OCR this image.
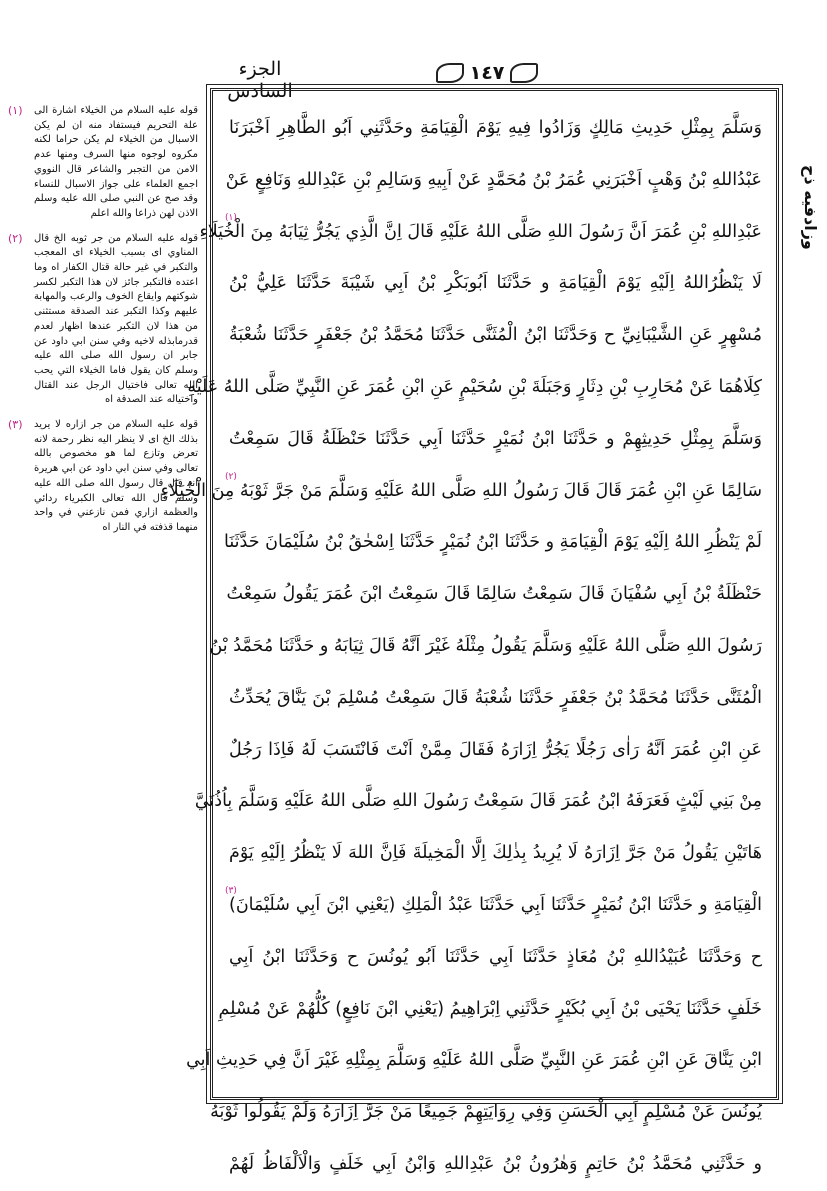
الجزء السادس
١٤٧
وزادفيه ذح
(١)	قوله عليه السلام من الخيلاء اشارة الى علة التحريم فيستفاد منه ان لم يكن الاسبال من الخيلاء لم يكن حراما لكنه مكروه لوجوه منها السرف ومنها عدم الامن من التجبر والشاعر قال النووي اجمع العلماء على جواز الاسبال للنساء وقد صح عن النبي صلى الله عليه وسلم الاذن لهن ذراعا والله اعلم
(٢)	قوله عليه السلام من جر ثوبه الخ قال المناوي اى بسبب الخيلاء اى المعجب والتكبر في غير حالة قتال الكفار اه وما اعتده فالتكبر جائز لان هذا التكبر لكسر شوكتهم وايقاع الخوف والرعب والمهابة عليهم وكذا التكبر عند الصدقة مستثنى من هذا لان التكبر عندها اظهار لعدم قدرمابذله لاخيه وفي سنن ابي داود عن جابر ان رسول الله صلى الله عليه وسلم كان يقول فاما الخيلاء التي يحب الله تعالى فاختيال الرجل عند القتال واختياله عند الصدقة اه
(٣)	قوله عليه السلام من جر ازاره لا يريد بذلك الخ اى لا ينظر اليه نظر رحمة لانه تعرض وتازع لما هو مخصوص بالله تعالى وفي سنن ابي داود عن ابي هريرة انه قال قال رسول الله صلى الله عليه وسلم قال الله تعالى الكبرياء ردائي والعظمة ازاري فمن نازعني في واحد منهما قذفته في النار اه
وَسَلَّمَ بِمِثْلِ حَدِيثِ مَالِكٍ وَزَادُوا فِيهِ يَوْمَ الْقِيَامَةِ وحَدَّثَنِي اَبُو الطَّاهِرِ اَخْبَرَنَا
عَبْدُاللهِ بْنُ وَهْبٍ اَخْبَرَنِي عُمَرُ بْنُ مُحَمَّدٍ عَنْ اَبِيهِ وَسَالِمِ بْنِ عَبْدِاللهِ وَنَافِعٍ عَنْ
عَبْدِاللهِ بْنِ عُمَرَ اَنَّ رَسُولَ اللهِ صَلَّى اللهُ عَلَيْهِ قَالَ اِنَّ الَّذِي يَجُرُّ ثِيَابَهُ مِنَ الْخُيَلَاءِ
(١)
لَا يَنْظُرُاللهُ اِلَيْهِ يَوْمَ الْقِيَامَةِ و حَدَّثَنَا اَبُوبَكْرِ بْنُ اَبِي شَيْبَةَ حَدَّثَنَا عَلِيُّ بْنُ
مُسْهِرٍ عَنِ الشَّيْبَانِيِّ ح وَحَدَّثَنَا ابْنُ الْمُثَنَّى حَدَّثَنَا مُحَمَّدُ بْنُ جَعْفَرٍ حَدَّثَنَا شُعْبَةُ
كِلَاهُمَا عَنْ مُحَارِبِ بْنِ دِثَارٍ وَجَبَلَةَ بْنِ سُحَيْمٍ عَنِ ابْنِ عُمَرَ عَنِ النَّبِيِّ صَلَّى اللهُ عَلَيْهِ
وَسَلَّمَ بِمِثْلِ حَدِيثِهِمْ و حَدَّثَنَا ابْنُ نُمَيْرٍ حَدَّثَنَا اَبِي حَدَّثَنَا حَنْظَلَةُ قَالَ سَمِعْتُ
سَالِمًا عَنِ ابْنِ عُمَرَ قَالَ قَالَ رَسُولُ اللهِ صَلَّى اللهُ عَلَيْهِ وَسَلَّمَ مَنْ جَرَّ ثَوْبَهُ مِنَ الْخُيَلَاءِ
(٢)
لَمْ يَنْظُرِ اللهُ اِلَيْهِ يَوْمَ الْقِيَامَةِ و حَدَّثَنَا ابْنُ نُمَيْرٍ حَدَّثَنَا اِسْحٰقُ بْنُ سُلَيْمَانَ حَدَّثَنَا
حَنْظَلَةُ بْنُ اَبِي سُفْيَانَ قَالَ سَمِعْتُ سَالِمًا قَالَ سَمِعْتُ ابْنَ عُمَرَ يَقُولُ سَمِعْتُ
رَسُولَ اللهِ صَلَّى اللهُ عَلَيْهِ وَسَلَّمَ يَقُولُ مِثْلَهُ غَيْرَ اَنَّهُ قَالَ ثِيَابَهُ و حَدَّثَنَا مُحَمَّدُ بْنُ
الْمُثَنَّى حَدَّثَنَا مُحَمَّدُ بْنُ جَعْفَرٍ حَدَّثَنَا شُعْبَةُ قَالَ سَمِعْتُ مُسْلِمَ بْنَ يَنَّاقَ يُحَدِّثُ
عَنِ ابْنِ عُمَرَ اَنَّهُ رَاٰى رَجُلًا يَجُرُّ اِزَارَهُ فَقَالَ مِمَّنْ اَنْتَ فَانْتَسَبَ لَهُ فَاِذَا رَجُلٌ
مِنْ بَنِي لَيْثٍ فَعَرَفَهُ ابْنُ عُمَرَ قَالَ سَمِعْتُ رَسُولَ اللهِ صَلَّى اللهُ عَلَيْهِ وَسَلَّمَ بِاُذُنَيَّ
هَاتَيْنِ يَقُولُ مَنْ جَرَّ اِزَارَهُ لَا يُرِيدُ بِذٰلِكَ اِلَّا الْمَخِيلَةَ فَاِنَّ اللهَ لَا يَنْظُرُ اِلَيْهِ يَوْمَ
الْقِيَامَةِ و حَدَّثَنَا ابْنُ نُمَيْرٍ حَدَّثَنَا اَبِي حَدَّثَنَا عَبْدُ الْمَلِكِ (يَعْنِي ابْنَ اَبِي سُلَيْمَانَ)
(٣)
ح وَحَدَّثَنَا عُبَيْدُاللهِ بْنُ مُعَاذٍ حَدَّثَنَا اَبِي حَدَّثَنَا اَبُو يُونُسَ ح وَحَدَّثَنَا ابْنُ اَبِي
خَلَفٍ حَدَّثَنَا يَحْيَى بْنُ اَبِي بُكَيْرٍ حَدَّثَنِي اِبْرَاهِيمُ (يَعْنِي ابْنَ نَافِعٍ) كُلُّهُمْ عَنْ مُسْلِمِ
ابْنِ يَنَّاقَ عَنِ ابْنِ عُمَرَ عَنِ النَّبِيِّ صَلَّى اللهُ عَلَيْهِ وَسَلَّمَ بِمِثْلِهِ غَيْرَ اَنَّ فِي حَدِيثِ اَبِي
يُونُسَ عَنْ مُسْلِمٍ اَبِي الْحَسَنِ وَفِي رِوَايَتِهِمْ جَمِيعًا مَنْ جَرَّ اِزَارَهُ وَلَمْ يَقُولُوا ثَوْبَهُ
و حَدَّثَنِي مُحَمَّدُ بْنُ حَاتِمٍ وَهٰرُونُ بْنُ عَبْدِاللهِ وَابْنُ اَبِي خَلَفٍ وَالْاَلْفَاظُ لَهُمْ
